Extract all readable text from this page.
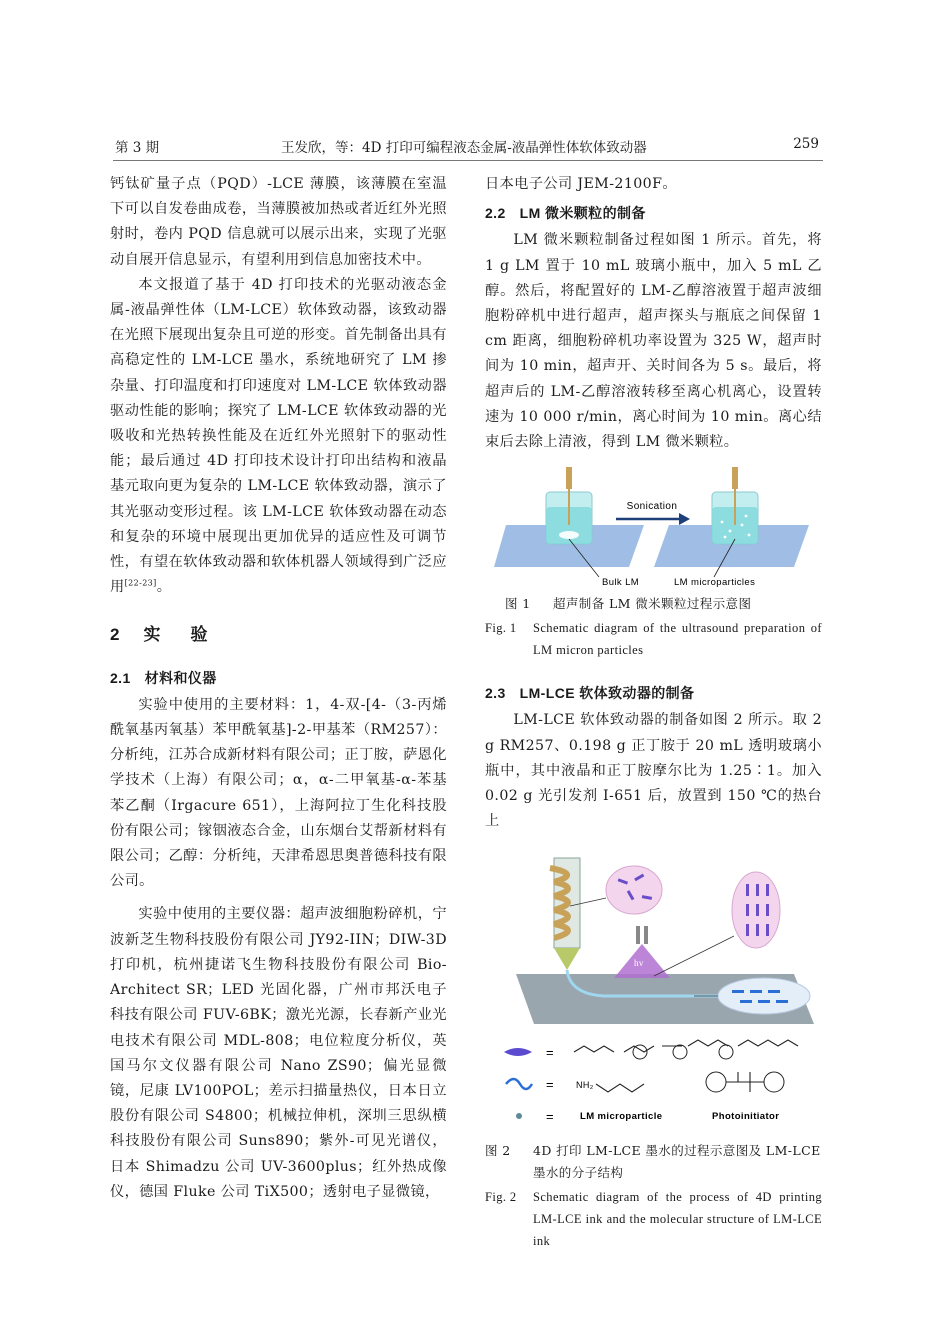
第 3 期	王发欣，等：4D 打印可编程液态金属-液晶弹性体软体致动器	259

钙钛矿量子点（PQD）-LCE 薄膜，该薄膜在室温下可以自发卷曲成卷，当薄膜被加热或者近红外光照射时，卷内 PQD 信息就可以展示出来，实现了光驱动自展开信息显示，有望利用到信息加密技术中。

本文报道了基于 4D 打印技术的光驱动液态金属-液晶弹性体（LM-LCE）软体致动器，该致动器在光照下展现出复杂且可逆的形变。首先制备出具有高稳定性的 LM-LCE 墨水，系统地研究了 LM 掺杂量、打印温度和打印速度对 LM-LCE 软体致动器驱动性能的影响；探究了 LM-LCE 软体致动器的光吸收和光热转换性能及在近红外光照射下的驱动性能；最后通过 4D 打印技术设计打印出结构和液晶基元取向更为复杂的 LM-LCE 软体致动器，演示了其光驱动变形过程。该 LM-LCE 软体致动器在动态和复杂的环境中展现出更加优异的适应性及可调节性，有望在软体致动器和软体机器人领域得到广泛应用[22-23]。

2 实验
2.1 材料和仪器

实验中使用的主要材料：1，4-双-[4-（3-丙烯酰氧基丙氧基）苯甲酰氧基]-2-甲基苯（RM257）：分析纯，江苏合成新材料有限公司；正丁胺，萨恩化学技术（上海）有限公司；α，α-二甲氧基-α-苯基苯乙酮（Irgacure 651），上海阿拉丁生化科技股份有限公司；镓铟液态合金，山东烟台艾帮新材料有限公司；乙醇：分析纯，天津希恩思奥普德科技有限公司。

实验中使用的主要仪器：超声波细胞粉碎机，宁波新芝生物科技股份有限公司 JY92-IIN；DIW-3D 打印机，杭州捷诺飞生物科技股份有限公司 Bio-Architect SR；LED 光固化器，广州市邦沃电子科技有限公司 FUV-6BK；激光光源，长春新产业光电技术有限公司 MDL-808；电位粒度分析仪，英国马尔文仪器有限公司 Nano ZS90；偏光显微镜，尼康 LV100POL；差示扫描量热仪，日本日立股份有限公司 S4800；机械拉伸机，深圳三思纵横科技股份有限公司 Suns890；紫外-可见光谱仪，日本 Shimadzu 公司 UV-3600plus；红外热成像仪，德国 Fluke 公司 TiX500；透射电子显微镜，

日本电子公司 JEM-2100F。

2.2 LM 微米颗粒的制备

LM 微米颗粒制备过程如图 1 所示。首先，将 1 g LM 置于 10 mL 玻璃小瓶中，加入 5 mL 乙醇。然后，将配置好的 LM-乙醇溶液置于超声波细胞粉碎机中进行超声，超声探头与瓶底之间保留 1 cm 距离，细胞粉碎机功率设置为 325 W，超声时间为 10 min，超声开、关时间各为 5 s。最后，将超声后的 LM-乙醇溶液转移至离心机离心，设置转速为 10 000 r/min，离心时间为 10 min。离心结束后去除上清液，得到 LM 微米颗粒。

Sonication
Bulk LM	LM microparticles
图 1 超声制备 LM 微米颗粒过程示意图
Fig. 1 Schematic diagram of the ultrasound preparation of LM micron particles
2.3 LM-LCE 软体致动器的制备

LM-LCE 软体致动器的制备如图 2 所示。取 2 g RM257、0.198 g 正丁胺于 20 mL 透明玻璃小瓶中，其中液晶和正丁胺摩尔比为 1.25∶1。加入 0.02 g 光引发剂 I-651 后，放置到 150 ℃的热台上

hv
=
= NH₂
=	LM microparticle	Photoinitiator
图 2 4D 打印 LM-LCE 墨水的过程示意图及 LM-LCE 墨水的分子结构
Fig. 2 Schematic diagram of the process of 4D printing LM-LCE ink and the molecular structure of LM-LCE ink
